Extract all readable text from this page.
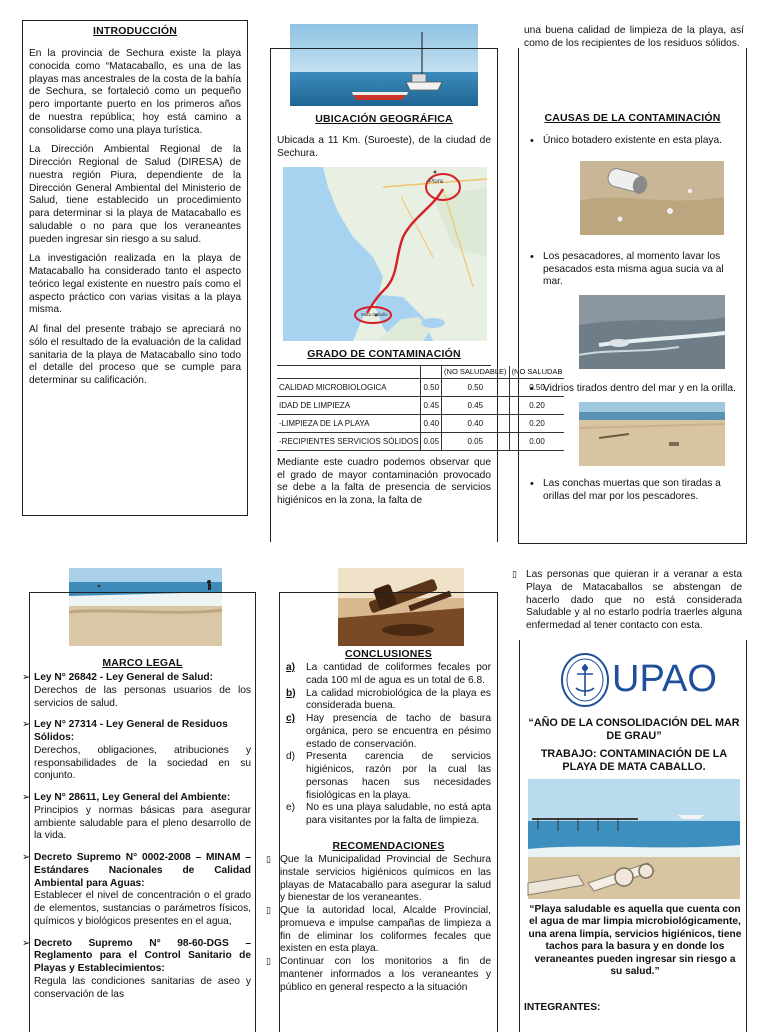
INTRODUCCIÓN

En la provincia de Sechura existe la playa conocida como “Matacaballo, es una de las playas mas ancestrales de la costa de la bahía de Sechura, se fortaleció como un pequeño pero importante puerto en los primeros años de nuestra república; hoy está camino a consolidarse como una playa turística.

La Dirección Ambiental Regional de la Dirección Regional de Salud (DIRESA) de nuestra región Piura, dependiente de la Dirección General Ambiental del Ministerio de Salud, tiene establecido un procedimiento para determinar si la playa de Matacaballo es saludable o no para que los veraneantes pueden ingresar sin riesgo a su salud.

La investigación realizada en la playa de Matacaballo ha considerado tanto el aspecto teórico legal existente en nuestro país como el aspecto práctico con varias visitas a la playa misma.

Al final del presente trabajo se apreciará no sólo el resultado de la evaluación de la calidad sanitaria de la playa de Matacaballo sino todo el detalle del proceso que se cumple para determinar su calificación.

UBICACIÓN GEOGRÁFICA

Ubicada a 11 Km. (Suroeste), de la ciudad de Sechura.

Piura
Mata Caballo
GRADO DE CONTAMINACIÓN
		(NO SALUDABLE)	(NO SALUDAB
CALIDAD MICROBIOLOGICA	0.50	0.50	0.50
IDAD DE LIMPIEZA	0.45	0.45	0.20
-LIMPIEZA DE LA PLAYA	0.40	0.40	0.20
-RECIPIENTES SERVICIOS SÓLIDOS	0.05	0.05	0.00

Mediante este cuadro podemos observar que el grado de mayor contaminación provocado se debe a la falta de presencia de servicios higiénicos en la zona, la falta de

una buena calidad de limpieza de la playa, así como de los recipientes de los residuos sólidos.

CAUSAS DE LA CONTAMINACIÓN
• Único botadero existente en esta playa.
• Los pesacadores, al momento lavar los pesacados esta misma agua sucia va al mar.
• Vidrios tirados dentro del mar y en la orilla.
• Las conchas muertas que son tiradas a orillas del mar por los pescadores.
MARCO LEGAL
➢ Ley N° 26842 - Ley General de Salud:
Derechos de las personas usuarios de los servicios de salud.
➢ Ley N° 27314 - Ley General de Residuos Sólidos:
Derechos, obligaciones, atribuciones y responsabilidades de la sociedad en su conjunto.
➢ Ley N° 28611, Ley General del Ambiente:
Principios y normas básicas para asegurar ambiente saludable para el pleno desarrollo de la vida.
➢ Decreto Supremo N° 0002-2008 – MINAM – Estándares Nacionales de Calidad Ambiental para Aguas:
Establecer el nivel de concentración o el grado de elementos, sustancias o parámetros físicos, químicos y biológicos presentes en el agua,
➢ Decreto Supremo N° 98-60-DGS – Reglamento para el Control Sanitario de Playas y Establecimientos:
Regula las condiciones sanitarias de aseo y conservación de las
CONCLUSIONES
a) La cantidad de coliformes fecales por cada 100 ml de agua es un total de 6.8.
b) La calidad microbiológica de la playa es considerada buena.
c) Hay presencia de tacho de basura orgánica, pero se encuentra en pésimo estado de conservación.
d) Presenta carencia de servicios higiénicos, razón por la cual las personas hacen sus necesidades fisiológicas en la playa.
e) No es una playa saludable, no está apta para visitantes por la falta de limpieza.
RECOMENDACIONES
▯ Que la Municipalidad Provincial de Sechura instale servicios higiénicos químicos en las playas de Matacaballo para asegurar la salud y bienestar de los veraneantes.
▯ Que la autoridad local, Alcalde Provincial, promueva e impulse campañas de limpieza a fin de eliminar los coliformes fecales que existen en esta playa.
▯ Continuar con los monitorios a fin de mantener informados a los veraneantes y público en general respecto a la situación
▯ Las personas que quieran ir a veranar a esta Playa de Matacaballos se abstengan de hacerlo dado que no está considerada Saludable y al no estarlo podría traerles alguna enfermedad al tener contacto con esta.
UPAO
“AÑO DE LA CONSOLIDACIÓN DEL MAR DE GRAU”
TRABAJO: CONTAMINACIÓN DE LA PLAYA DE MATA CABALLO.
“Playa saludable es aquella que cuenta con el agua de mar limpia microbiológicamente, una arena limpia, servicios higiénicos, tiene tachos para la basura y en donde los veraneantes pueden ingresar sin riesgo a su salud.”
INTEGRANTES:
